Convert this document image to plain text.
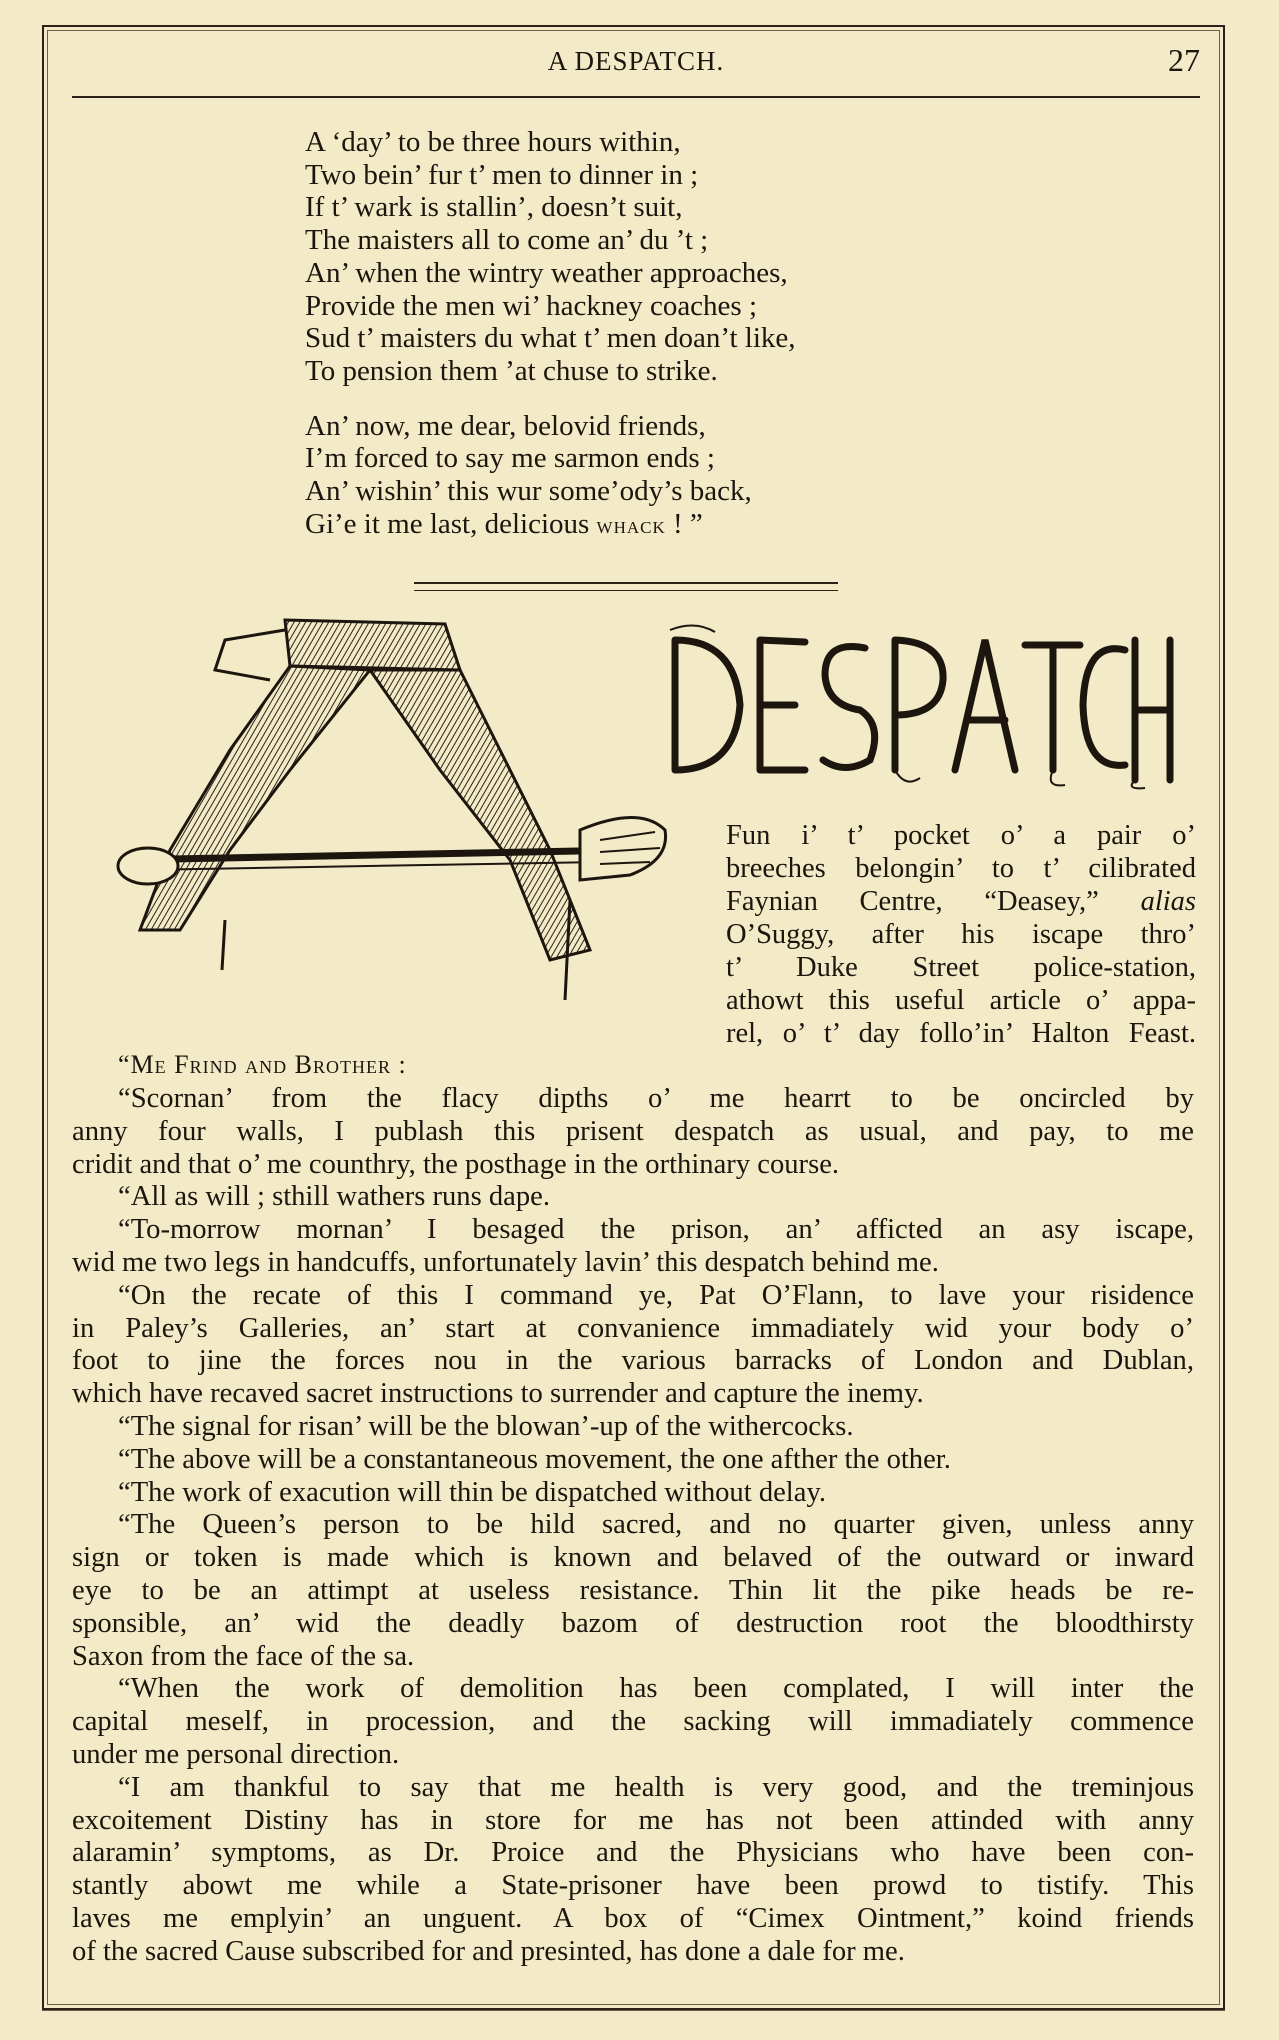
A DESPATCH.	27
A ‘day’ to be three hours within,
Two bein’ fur t’ men to dinner in ;
If t’ wark is stallin’, doesn’t suit,
The maisters all to come an’ du ’t ;
An’ when the wintry weather approaches,
Provide the men wi’ hackney coaches ;
Sud t’ maisters du what t’ men doan’t like,
To pension them ’at chuse to strike.
An’ now, me dear, belovid friends,
I’m forced to say me sarmon ends ;
An’ wishin’ this wur some’ody’s back,
Gi’e it me last, delicious whack ! ”
Fun i’ t’ pocket o’ a pair o’
breeches belongin’ to t’ cilibrated
Faynian Centre, “Deasey,” alias
O’Suggy, after his iscape thro’
t’ Duke Street police-station,
athowt this useful article o’ appa-
rel, o’ t’ day follo’in’ Halton Feast.
“Me Frind and Brother :
“Scornan’ from the flacy dipths o’ me hearrt to be oncircled by
anny four walls, I publash this prisent despatch as usual, and pay, to me
cridit and that o’ me counthry, the posthage in the orthinary course.
“All as will ; sthill wathers runs dape.
“To-morrow mornan’ I besaged the prison, an’ afficted an asy iscape,
wid me two legs in handcuffs, unfortunately lavin’ this despatch behind me.
“On the recate of this I command ye, Pat O’Flann, to lave your risidence
in Paley’s Galleries, an’ start at convanience immadiately wid your body o’
foot to jine the forces nou in the various barracks of London and Dublan,
which have recaved sacret instructions to surrender and capture the inemy.
“The signal for risan’ will be the blowan’-up of the withercocks.
“The above will be a constantaneous movement, the one afther the other.
“The work of exacution will thin be dispatched without delay.
“The Queen’s person to be hild sacred, and no quarter given, unless anny
sign or token is made which is known and belaved of the outward or inward
eye to be an attimpt at useless resistance. Thin lit the pike heads be re-
sponsible, an’ wid the deadly bazom of destruction root the bloodthirsty
Saxon from the face of the sa.
“When the work of demolition has been complated, I will inter the
capital meself, in procession, and the sacking will immadiately commence
under me personal direction.
“I am thankful to say that me health is very good, and the treminjous
excoitement Distiny has in store for me has not been attinded with anny
alaramin’ symptoms, as Dr. Proice and the Physicians who have been con-
stantly abowt me while a State-prisoner have been prowd to tistify. This
laves me emplyin’ an unguent. A box of “Cimex Ointment,” koind friends
of the sacred Cause subscribed for and presinted, has done a dale for me.
